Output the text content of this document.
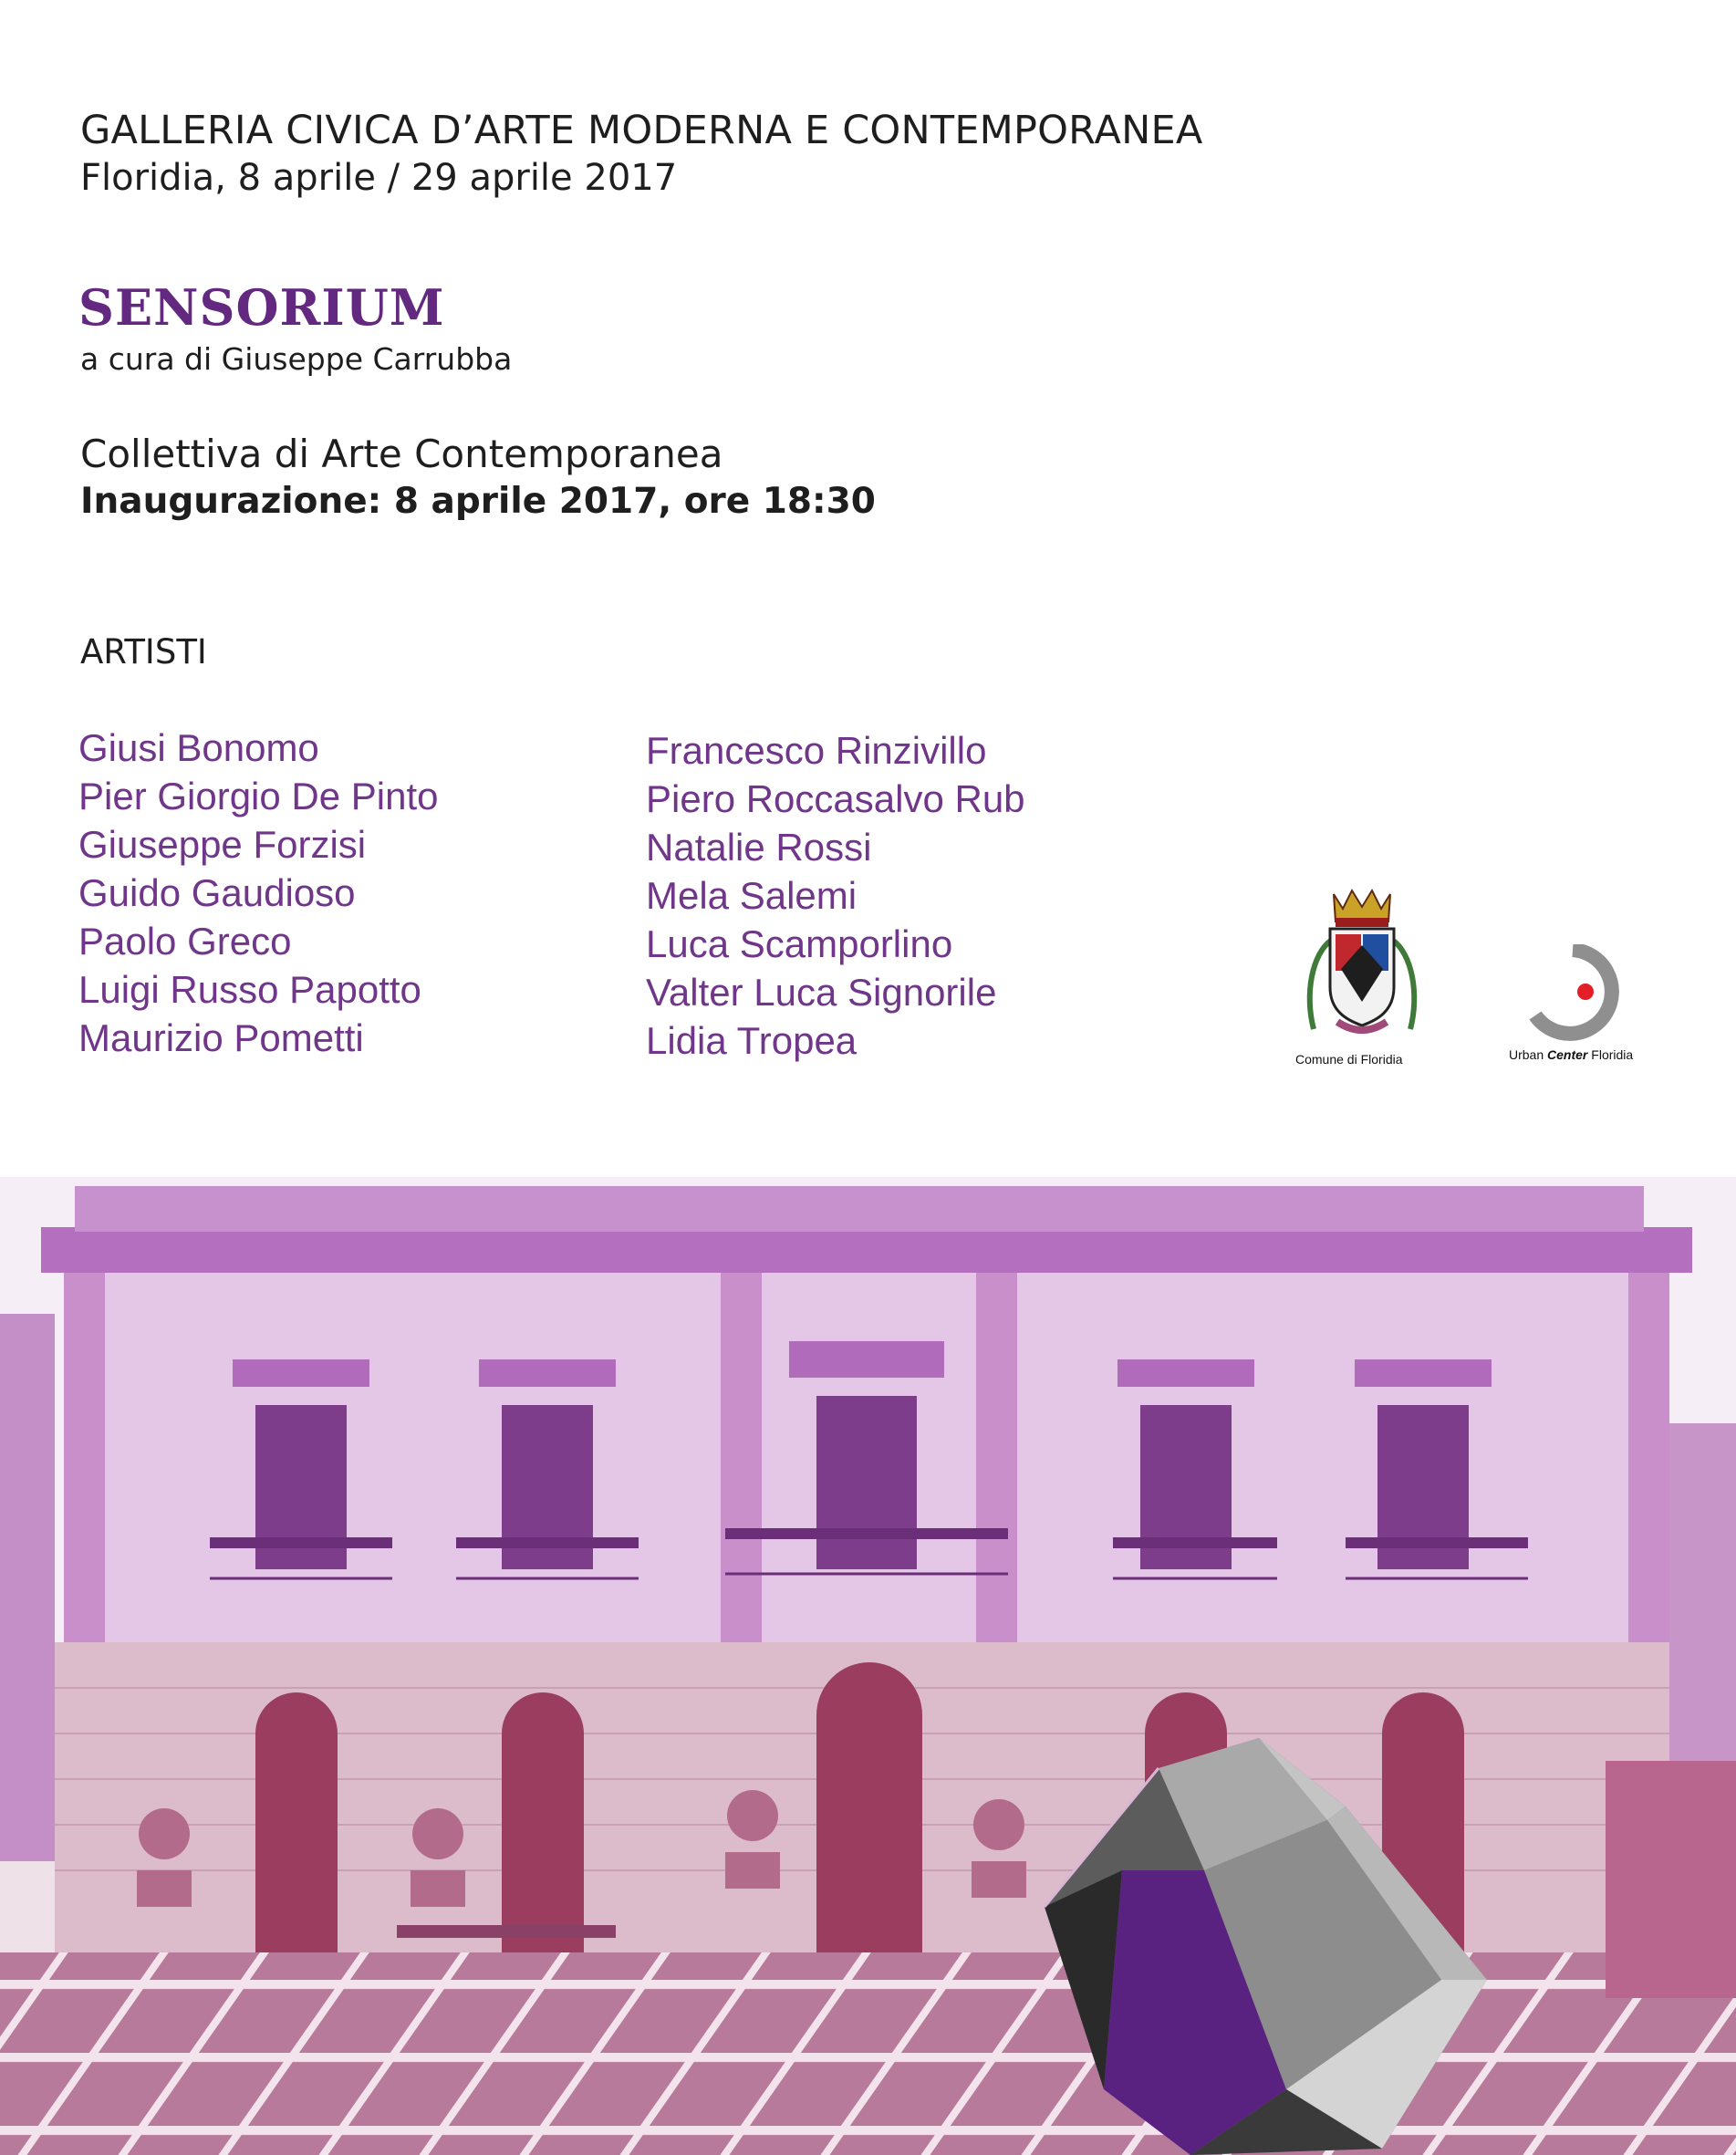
GALLERIA CIVICA D’ARTE MODERNA E CONTEMPORANEA
Floridia, 8 aprile / 29 aprile 2017
SENSORIUM
a cura di Giuseppe Carrubba
Collettiva di Arte Contemporanea
Inaugurazione: 8 aprile 2017, ore 18:30
ARTISTI
Giusi Bonomo
Pier Giorgio De Pinto
Giuseppe Forzisi
Guido Gaudioso
Paolo Greco
Luigi Russo Papotto
Maurizio Pometti
Francesco Rinzivillo
Piero Roccasalvo Rub
Natalie Rossi
Mela Salemi
Luca Scamporlino
Valter Luca Signorile
Lidia Tropea	Comune di Floridia	Urban Center Floridia
